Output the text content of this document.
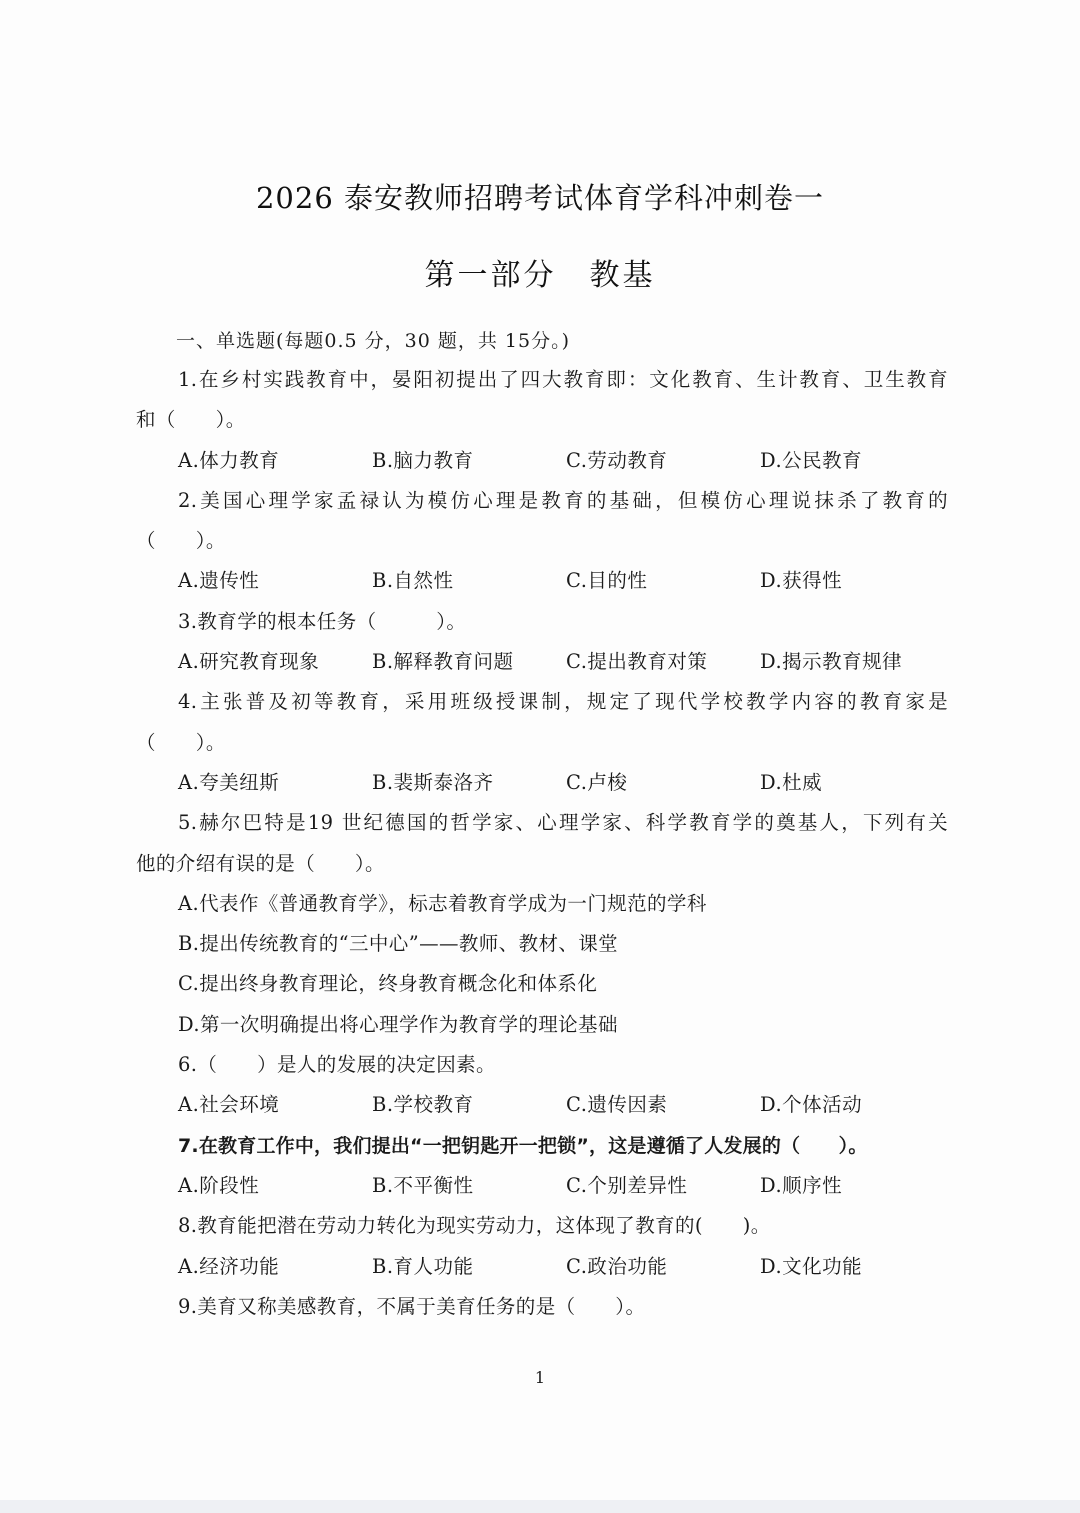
2026 泰安教师招聘考试体育学科冲刺卷一
第一部分　教基
一、单选题(每题0.5 分，30 题，共 15分。)
1.在乡村实践教育中，晏阳初提出了四大教育即：文化教育、生计教育、卫生教育
和（　　）。
A.体力教育	B.脑力教育	C.劳动教育	D.公民教育
2.美国心理学家孟禄认为模仿心理是教育的基础，但模仿心理说抹杀了教育的
（　　）。
A.遗传性	B.自然性	C.目的性	D.获得性
3.教育学的根本任务（　　　）。
A.研究教育现象	B.解释教育问题	C.提出教育对策	D.揭示教育规律
4.主张普及初等教育，采用班级授课制，规定了现代学校教学内容的教育家是
（　　）。
A.夸美纽斯	B.裴斯泰洛齐	C.卢梭	D.杜威
5.赫尔巴特是19 世纪德国的哲学家、心理学家、科学教育学的奠基人，下列有关
他的介绍有误的是（　　）。
A.代表作《普通教育学》，标志着教育学成为一门规范的学科
B.提出传统教育的“三中心”——教师、教材、课堂
C.提出终身教育理论，终身教育概念化和体系化
D.第一次明确提出将心理学作为教育学的理论基础
6.（　　）是人的发展的决定因素。
A.社会环境	B.学校教育	C.遗传因素	D.个体活动
7.在教育工作中，我们提出“一把钥匙开一把锁”，这是遵循了人发展的（　　）。
A.阶段性	B.不平衡性	C.个别差异性	D.顺序性
8.教育能把潜在劳动力转化为现实劳动力，这体现了教育的(　　)。
A.经济功能	B.育人功能	C.政治功能	D.文化功能
9.美育又称美感教育，不属于美育任务的是（　　）。
1
